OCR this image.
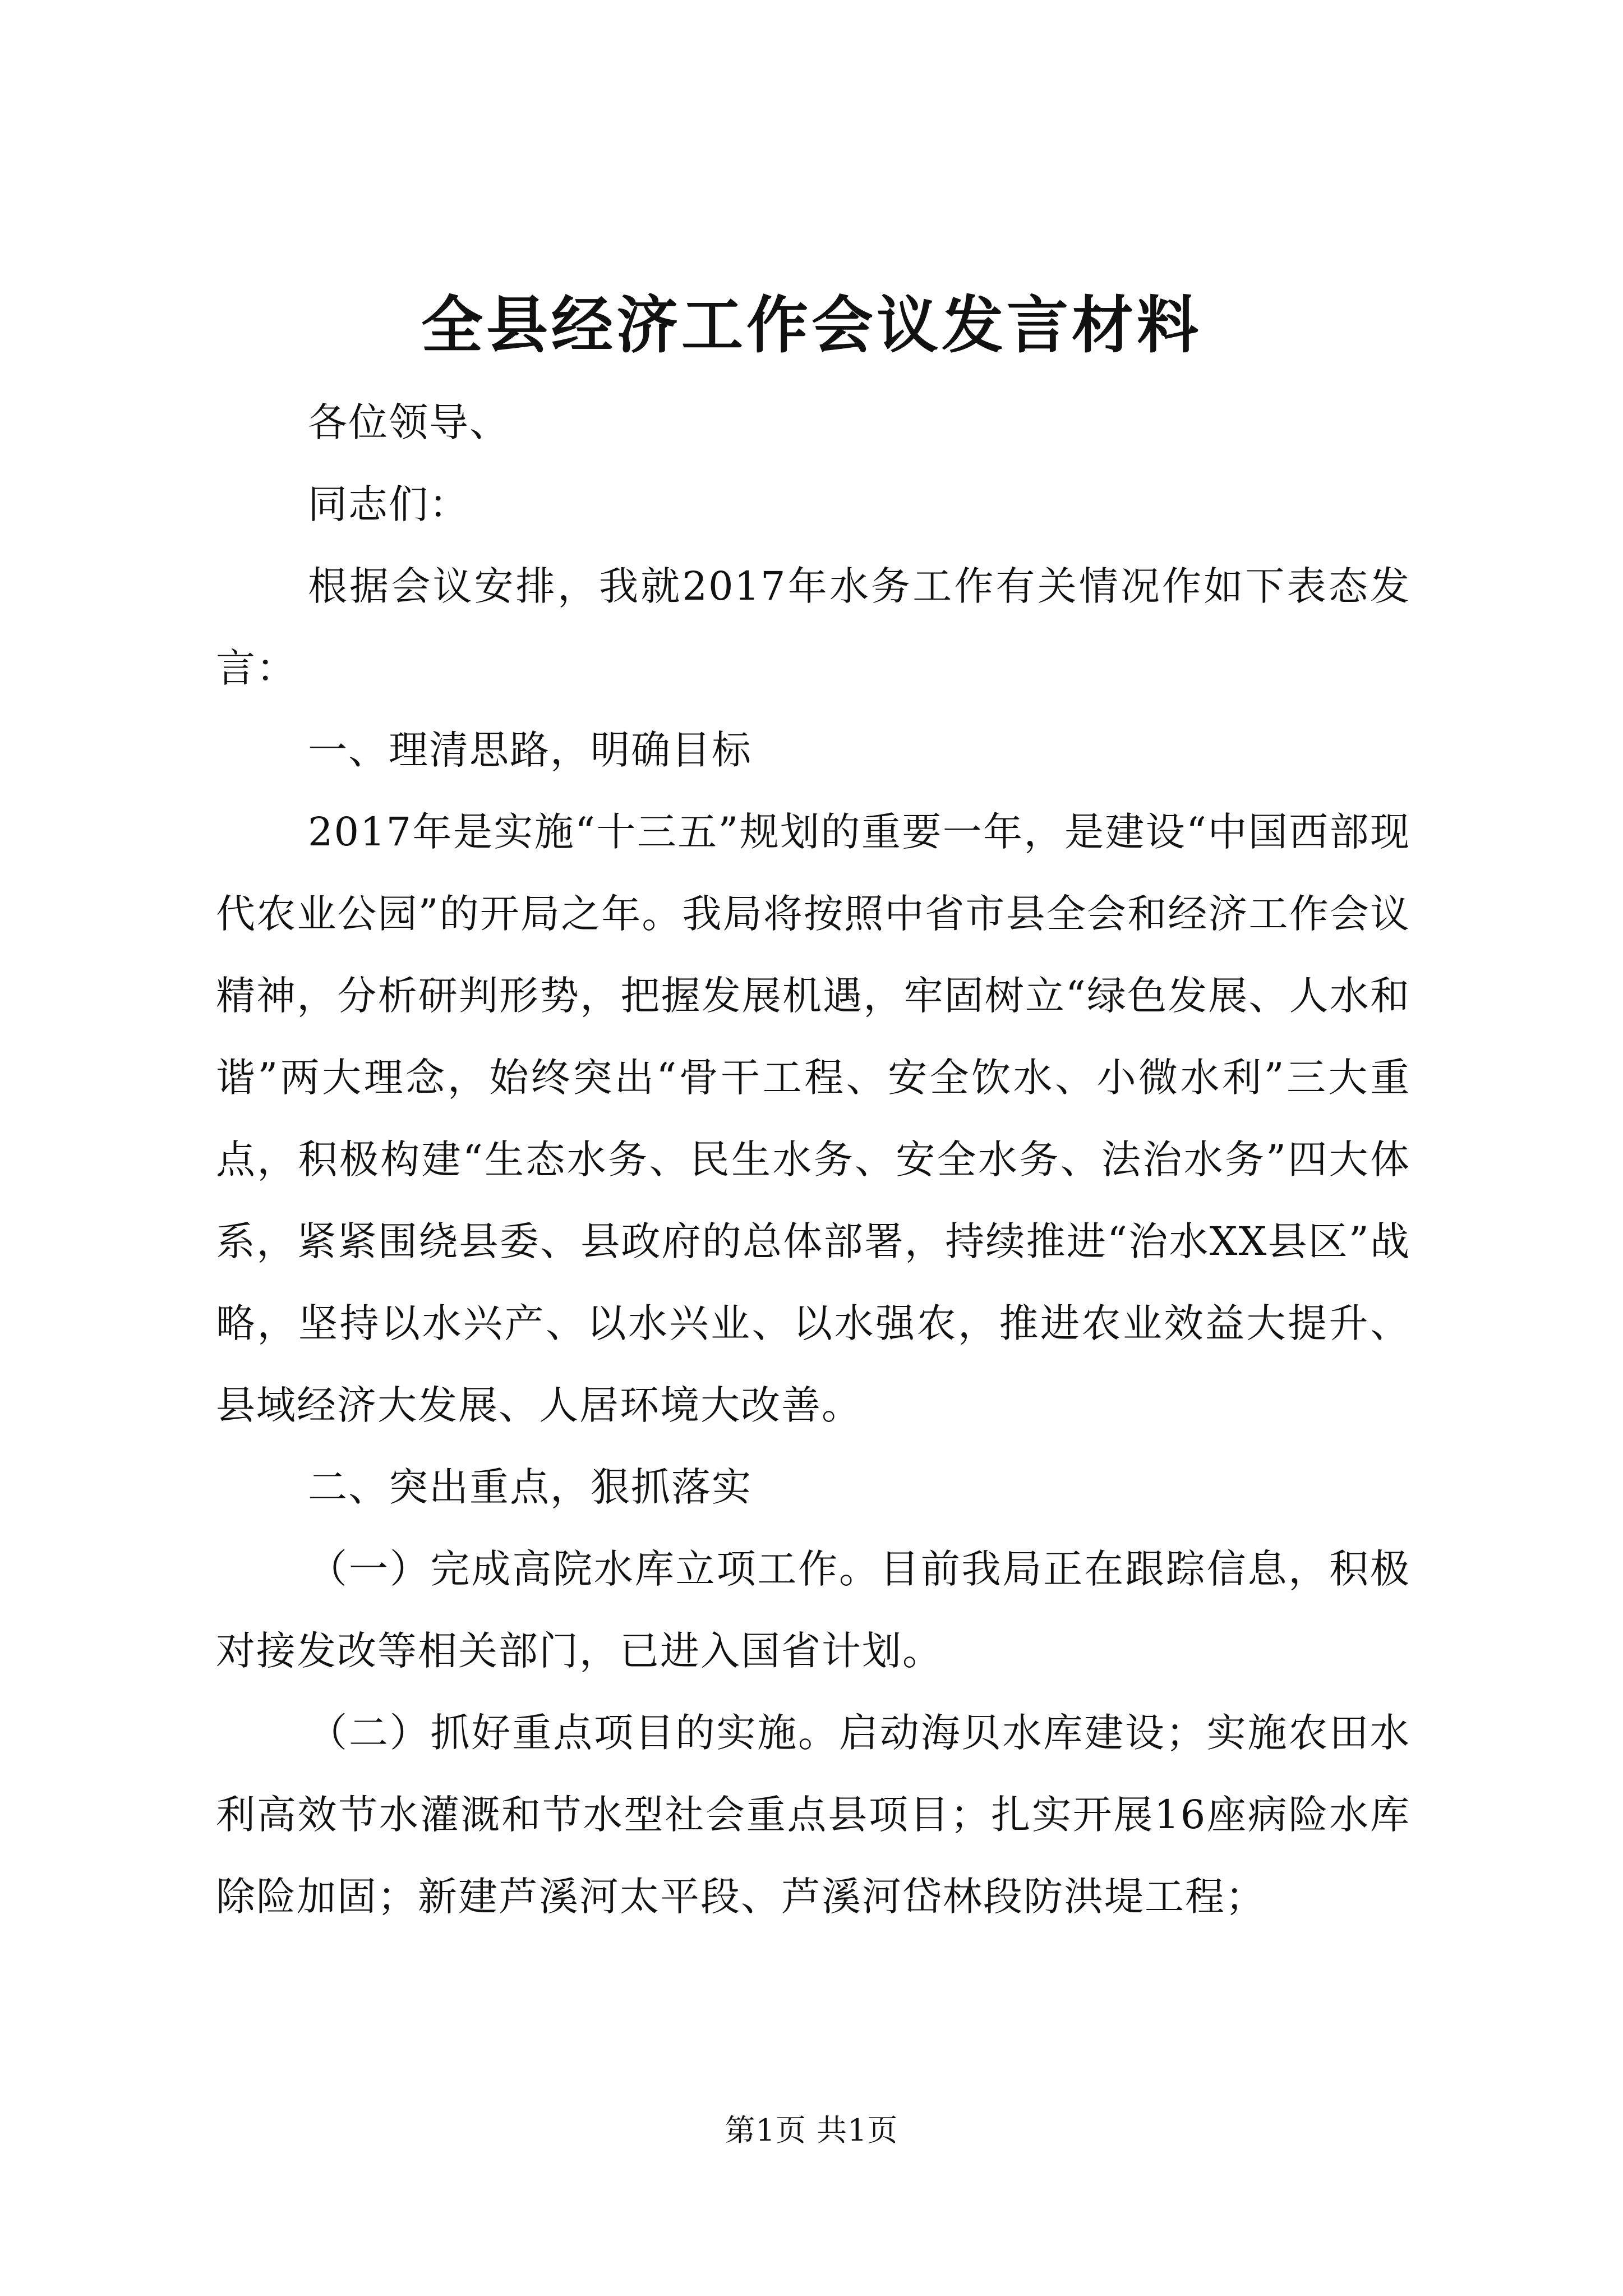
全县经济工作会议发言材料

各位领导、

同志们：

根据会议安排，我就2017年水务工作有关情况作如下表态发言：

一、理清思路，明确目标

2017年是实施“十三五”规划的重要一年，是建设“中国西部现代农业公园”的开局之年。我局将按照中省市县全会和经济工作会议精神，分析研判形势，把握发展机遇，牢固树立“绿色发展、人水和谐”两大理念，始终突出“骨干工程、安全饮水、小微水利”三大重点，积极构建“生态水务、民生水务、安全水务、法治水务”四大体系，紧紧围绕县委、县政府的总体部署，持续推进“治水XX县区”战略，坚持以水兴产、以水兴业、以水强农，推进农业效益大提升、县域经济大发展、人居环境大改善。

二、突出重点，狠抓落实

（一）完成高院水库立项工作。目前我局正在跟踪信息，积极对接发改等相关部门，已进入国省计划。

（二）抓好重点项目的实施。启动海贝水库建设；实施农田水利高效节水灌溉和节水型社会重点县项目；扎实开展16座病险水库除险加固；新建芦溪河太平段、芦溪河岱林段防洪堤工程；

第1页 共1页
